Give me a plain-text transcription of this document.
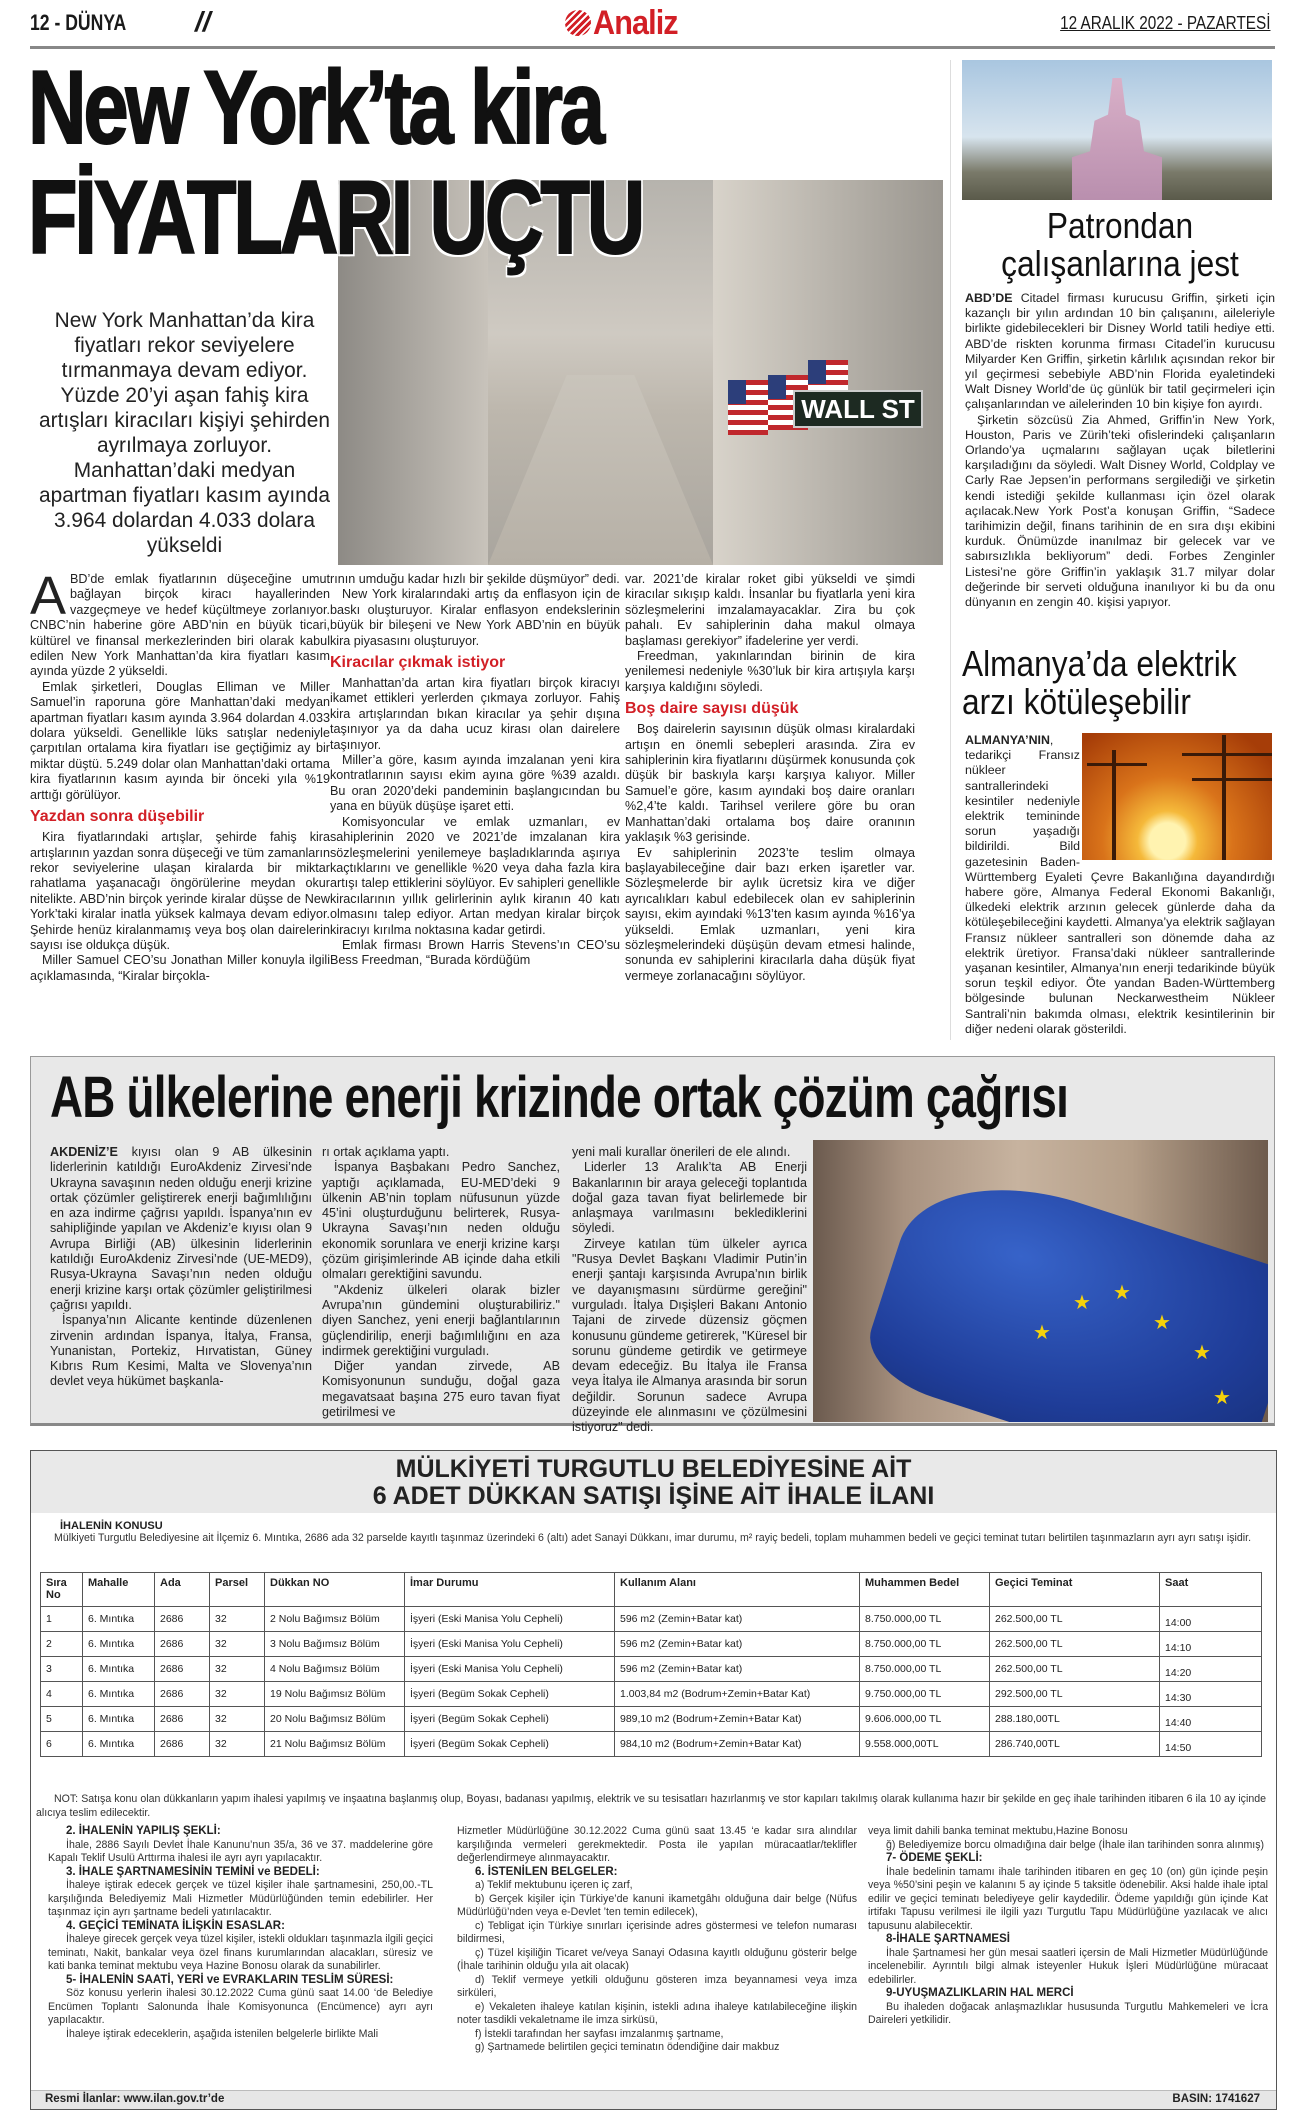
12 - DÜNYA //	Analiz	12 ARALIK 2022 - PAZARTESİ
New York’ta kira
FİYATLARI UÇTU
WALL ST
New York Manhattan’da kira fiyatları rekor seviyelere tırmanmaya devam ediyor. Yüzde 20’yi aşan fahiş kira artışları kiracıları kişiyi şehirden ayrılmaya zorluyor. Manhattan’daki medyan apartman fiyatları kasım ayında 3.964 dolardan 4.033 dolara yükseldi
A BD’de emlak fiyatlarının düşeceğine umut bağlayan birçok kiracı hayallerinden vazgeçmeye ve hedef küçültmeye zorlanıyor. CNBC’nin haberine göre ABD’nin en büyük ticari, kültürel ve finansal merkezlerinden biri olarak kabul edilen New York Manhattan’da kira fiyatları kasım ayında yüzde 2 yükseldi.

Emlak şirketleri, Douglas Elliman ve Miller Samuel’in raporuna göre Manhattan’daki medyan apartman fiyatları kasım ayında 3.964 dolardan 4.033 dolara yükseldi. Genellikle lüks satışlar nedeniyle çarpıtılan ortalama kira fiyatları ise geçtiğimiz ay bir miktar düştü. 5.249 dolar olan Manhattan’daki ortama kira fiyatlarının kasım ayında bir önceki yıla %19 arttığı görülüyor.

Yazdan sonra düşebilir

Kira fiyatlarındaki artışlar, şehirde fahiş kira artışlarının yazdan sonra düşeceği ve tüm zamanların rekor seviyelerine ulaşan kiralarda bir miktar rahatlama yaşanacağı öngörülerine meydan okur nitelikte. ABD’nin birçok yerinde kiralar düşse de New York’taki kiralar inatla yüksek kalmaya devam ediyor. Şehirde henüz kiralanmamış veya boş olan dairelerin sayısı ise oldukça düşük.

Miller Samuel CEO’su Jonathan Miller konuyla ilgili açıklamasında, “Kiralar birçokla-

rının umduğu kadar hızlı bir şekilde düşmüyor” dedi.

New York kiralarındaki artış da enflasyon için de baskı oluşturuyor. Kiralar enflasyon endekslerinin büyük bir bileşeni ve New York ABD’nin en büyük kira piyasasını oluşturuyor.

Kiracılar çıkmak istiyor

Manhattan’da artan kira fiyatları birçok kiracıyı ikamet ettikleri yerlerden çıkmaya zorluyor. Fahiş kira artışlarından bıkan kiracılar ya şehir dışına taşınıyor ya da daha ucuz kirası olan dairelere taşınıyor.

Miller’a göre, kasım ayında imzalanan yeni kira kontratlarının sayısı ekim ayına göre %39 azaldı. Bu oran 2020’deki pandeminin başlangıcından bu yana en büyük düşüşe işaret etti.

Komisyoncular ve emlak uzmanları, ev sahiplerinin 2020 ve 2021’de imzalanan kira sözleşmelerini yenilemeye başladıklarında aşırıya kaçtıklarını ve genellikle %20 veya daha fazla kira artışı talep ettiklerini söylüyor. Ev sahipleri genellikle kiracılarının yıllık gelirlerinin aylık kiranın 40 katı olmasını talep ediyor. Artan medyan kiralar birçok kiracıyı kırılma noktasına kadar getirdi.

Emlak firması Brown Harris Stevens’ın CEO’su Bess Freedman, “Burada kördüğüm

var. 2021’de kiralar roket gibi yükseldi ve şimdi kiracılar sıkışıp kaldı. İnsanlar bu fiyatlarla yeni kira sözleşmelerini imzalamayacaklar. Zira bu çok pahalı. Ev sahiplerinin daha makul olmaya başlaması gerekiyor” ifadelerine yer verdi.

Freedman, yakınlarından birinin de kira yenilemesi nedeniyle %30’luk bir kira artışıyla karşı karşıya kaldığını söyledi.

Boş daire sayısı düşük

Boş dairelerin sayısının düşük olması kiralardaki artışın en önemli sebepleri arasında. Zira ev sahiplerinin kira fiyatlarını düşürmek konusunda çok düşük bir baskıyla karşı karşıya kalıyor. Miller Samuel’e göre, kasım ayındaki boş daire oranları %2,4’te kaldı. Tarihsel verilere göre bu oran Manhattan’daki ortalama boş daire oranının yaklaşık %3 gerisinde.

Ev sahiplerinin 2023’te teslim olmaya başlayabileceğine dair bazı erken işaretler var. Sözleşmelerde bir aylık ücretsiz kira ve diğer ayrıcalıkları kabul edebilecek olan ev sahiplerinin sayısı, ekim ayındaki %13’ten kasım ayında %16’ya yükseldi. Emlak uzmanları, yeni kira sözleşmelerindeki düşüşün devam etmesi halinde, sonunda ev sahiplerini kiracılarla daha düşük fiyat vermeye zorlanacağını söylüyor.

Patrondan
çalışanlarına jest

ABD’DE Citadel firması kurucusu Griffin, şirketi için kazançlı bir yılın ardından 10 bin çalışanını, aileleriyle birlikte gidebilecekleri bir Disney World tatili hediye etti. ABD’de riskten korunma firması Citadel’in kurucusu Milyarder Ken Griffin, şirketin kârlılık açısından rekor bir yıl geçirmesi sebebiyle ABD’nin Florida eyaletindeki Walt Disney World’de üç günlük bir tatil geçirmeleri için çalışanlarından ve ailelerinden 10 bin kişiye fon ayırdı.

Şirketin sözcüsü Zia Ahmed, Griffin’in New York, Houston, Paris ve Zürih’teki ofislerindeki çalışanların Orlando’ya uçmalarını sağlayan uçak biletlerini karşıladığını da söyledi. Walt Disney World, Coldplay ve Carly Rae Jepsen’in performans sergilediği ve şirketin kendi istediği şekilde kullanması için özel olarak açılacak.New York Post’a konuşan Griffin, “Sadece tarihimizin değil, finans tarihinin de en sıra dışı ekibini kurduk. Önümüzde inanılmaz bir gelecek var ve sabırsızlıkla bekliyorum” dedi. Forbes Zenginler Listesi’ne göre Griffin’in yaklaşık 31.7 milyar dolar değerinde bir serveti olduğuna inanılıyor ki bu da onu dünyanın en zengin 40. kişisi yapıyor.

Almanya’da elektrik
arzı kötüleşebilir

ALMANYA’NIN, tedarikçi Fransız nükleer santrallerindeki kesintiler nedeniyle elektrik temininde sorun yaşadığı bildirildi. Bild gazetesinin Baden-Württemberg Eyaleti Çevre Bakanlığına dayandırdığı habere göre, Almanya Federal Ekonomi Bakanlığı, ülkedeki elektrik arzının gelecek günlerde daha da kötüleşebileceğini kaydetti. Almanya’ya elektrik sağlayan Fransız nükleer santralleri son dönemde daha az elektrik üretiyor. Fransa’daki nükleer santrallerinde yaşanan kesintiler, Almanya’nın enerji tedarikinde büyük sorun teşkil ediyor. Öte yandan Baden-Württemberg bölgesinde bulunan Neckarwestheim Nükleer Santrali’nin bakımda olması, elektrik kesintilerinin bir diğer nedeni olarak gösterildi.

AB ülkelerine enerji krizinde ortak çözüm çağrısı
★
★ ★
★
★
★

AKDENİZ’E kıyısı olan 9 AB ülkesinin liderlerinin katıldığı EuroAkdeniz Zirvesi’nde Ukrayna savaşının neden olduğu enerji krizine ortak çözümler geliştirerek enerji bağımlılığını en aza indirme çağrısı yapıldı. İspanya’nın ev sahipliğinde yapılan ve Akdeniz’e kıyısı olan 9 Avrupa Birliği (AB) ülkesinin liderlerinin katıldığı EuroAkdeniz Zirvesi’nde (UE-MED9), Rusya-Ukrayna Savaşı’nın neden olduğu enerji krizine karşı ortak çözümler geliştirilmesi çağrısı yapıldı.

İspanya’nın Alicante kentinde düzenlenen zirvenin ardından İspanya, İtalya, Fransa, Yunanistan, Portekiz, Hırvatistan, Güney Kıbrıs Rum Kesimi, Malta ve Slovenya’nın devlet veya hükümet başkanla-

rı ortak açıklama yaptı.

İspanya Başbakanı Pedro Sanchez, yaptığı açıklamada, EU-MED’deki 9 ülkenin AB’nin toplam nüfusunun yüzde 45’ini oluşturduğunu belirterek, Rusya-Ukrayna Savaşı’nın neden olduğu ekonomik sorunlara ve enerji krizine karşı çözüm girişimlerinde AB içinde daha etkili olmaları gerektiğini savundu.

"Akdeniz ülkeleri olarak bizler Avrupa’nın gündemini oluşturabiliriz." diyen Sanchez, yeni enerji bağlantılarının güçlendirilip, enerji bağımlılığını en aza indirmek gerektiğini vurguladı.

Diğer yandan zirvede, AB Komisyonunun sunduğu, doğal gaza megavatsaat başına 275 euro tavan fiyat getirilmesi ve

yeni mali kurallar önerileri de ele alındı.

Liderler 13 Aralık’ta AB Enerji Bakanlarının bir araya geleceği toplantıda doğal gaza tavan fiyat belirlemede bir anlaşmaya varılmasını beklediklerini söyledi.

Zirveye katılan tüm ülkeler ayrıca "Rusya Devlet Başkanı Vladimir Putin’in enerji şantajı karşısında Avrupa’nın birlik ve dayanışmasını sürdürme gereğini" vurguladı. İtalya Dışişleri Bakanı Antonio Tajani de zirvede düzensiz göçmen konusunu gündeme getirerek, "Küresel bir sorunu gündeme getirdik ve getirmeye devam edeceğiz. Bu İtalya ile Fransa veya İtalya ile Almanya arasında bir sorun değildir. Sorunun sadece Avrupa düzeyinde ele alınmasını ve çözülmesini istiyoruz" dedi.

MÜLKİYETİ TURGUTLU BELEDİYESİNE AİT
6 ADET DÜKKAN SATIŞI İŞİNE AİT İHALE İLANI
İHALENİN KONUSU

Mülkiyeti Turgutlu Belediyesine ait İlçemiz 6. Mıntıka, 2686 ada 32 parselde kayıtlı taşınmaz üzerindeki 6 (altı) adet Sanayi Dükkanı, imar durumu, m² rayiç bedeli, toplam muhammen bedeli ve geçici teminat tutarı belirtilen taşınmazların ayrı ayrı satışı işidir.

Sıra No	Mahalle	Ada	Parsel	Dükkan NO	İmar Durumu	Kullanım Alanı	Muhammen Bedel	Geçici Teminat	Saat
1	6. Mıntıka	2686	32	2 Nolu Bağımsız Bölüm	İşyeri (Eski Manisa Yolu Cepheli)	596 m2 (Zemin+Batar kat)	8.750.000,00 TL	262.500,00 TL	14:00
2	6. Mıntıka	2686	32	3 Nolu Bağımsız Bölüm	İşyeri (Eski Manisa Yolu Cepheli)	596 m2 (Zemin+Batar kat)	8.750.000,00 TL	262.500,00 TL	14:10
3	6. Mıntıka	2686	32	4 Nolu Bağımsız Bölüm	İşyeri (Eski Manisa Yolu Cepheli)	596 m2 (Zemin+Batar kat)	8.750.000,00 TL	262.500,00 TL	14:20
4	6. Mıntıka	2686	32	19 Nolu Bağımsız Bölüm	İşyeri (Begüm Sokak Cepheli)	1.003,84 m2 (Bodrum+Zemin+Batar Kat)	9.750.000,00 TL	292.500,00 TL	14:30
5	6. Mıntıka	2686	32	20 Nolu Bağımsız Bölüm	İşyeri (Begüm Sokak Cepheli)	989,10 m2 (Bodrum+Zemin+Batar Kat)	9.606.000,00 TL	288.180,00TL	14:40
6	6. Mıntıka	2686	32	21 Nolu Bağımsız Bölüm	İşyeri (Begüm Sokak Cepheli)	984,10 m2 (Bodrum+Zemin+Batar Kat)	9.558.000,00TL	286.740,00TL	14:50

NOT: Satışa konu olan dükkanların yapım ihalesi yapılmış ve inşaatına başlanmış olup, Boyası, badanası yapılmış, elektrik ve su tesisatları hazırlanmış ve stor kapıları takılmış olarak kullanıma hazır bir şekilde en geç ihale tarihinden itibaren 6 ila 10 ay içinde alıcıya teslim edilecektir.

2. İHALENİN YAPILIŞ ŞEKLİ:

İhale, 2886 Sayılı Devlet İhale Kanunu’nun 35/a, 36 ve 37. maddelerine göre Kapalı Teklif Usulü Arttırma ihalesi ile ayrı ayrı yapılacaktır.

3. İHALE ŞARTNAMESİNİN TEMİNİ ve BEDELİ:

İhaleye iştirak edecek gerçek ve tüzel kişiler ihale şartnamesini, 250,00.-TL karşılığında Belediyemiz Mali Hizmetler Müdürlüğünden temin edebilirler. Her taşınmaz için ayrı şartname bedeli yatırılacaktır.

4. GEÇİCİ TEMİNATA İLİŞKİN ESASLAR:

İhaleye girecek gerçek veya tüzel kişiler, istekli oldukları taşınmazla ilgili geçici teminatı, Nakit, bankalar veya özel finans kurumlarından alacakları, süresiz ve kati banka teminat mektubu veya Hazine Bonosu olarak da sunabilirler.

5- İHALENİN SAATİ, YERİ ve EVRAKLARIN TESLİM SÜRESİ:

Söz konusu yerlerin ihalesi 30.12.2022 Cuma günü saat 14.00 ‘de Belediye Encümen Toplantı Salonunda İhale Komisyonunca (Encümence) ayrı ayrı yapılacaktır.

İhaleye iştirak edeceklerin, aşağıda istenilen belgelerle birlikte Mali

Hizmetler Müdürlüğüne 30.12.2022 Cuma günü saat 13.45 ‘e kadar sıra alındılar karşılığında vermeleri gerekmektedir. Posta ile yapılan müracaatlar/teklifler değerlendirmeye alınmayacaktır.

6. İSTENİLEN BELGELER:

a) Teklif mektubunu içeren iç zarf,

b) Gerçek kişiler için Türkiye’de kanuni ikametgâhı olduğuna dair belge (Nüfus Müdürlüğü’nden veya e-Devlet ’ten temin edilecek),

c) Tebligat için Türkiye sınırları içerisinde adres göstermesi ve telefon numarası bildirmesi,

ç) Tüzel kişiliğin Ticaret ve/veya Sanayi Odasına kayıtlı olduğunu gösterir belge (İhale tarihinin olduğu yıla ait olacak)

d) Teklif vermeye yetkili olduğunu gösteren imza beyannamesi veya imza sirküleri,

e) Vekaleten ihaleye katılan kişinin, istekli adına ihaleye katılabileceğine ilişkin noter tasdikli vekaletname ile imza sirküsü,

f) İstekli tarafından her sayfası imzalanmış şartname,

g) Şartnamede belirtilen geçici teminatın ödendiğine dair makbuz

veya limit dahili banka teminat mektubu,Hazine Bonosu

ğ) Belediyemize borcu olmadığına dair belge (İhale ilan tarihinden sonra alınmış)

7- ÖDEME ŞEKLİ:

İhale bedelinin tamamı ihale tarihinden itibaren en geç 10 (on) gün içinde peşin veya %50’sini peşin ve kalanını 5 ay içinde 5 taksitle ödenebilir. Aksi halde ihale iptal edilir ve geçici teminatı belediyeye gelir kaydedilir. Ödeme yapıldığı gün içinde Kat irtifakı Tapusu verilmesi ile ilgili yazı Turgutlu Tapu Müdürlüğüne yazılacak ve alıcı tapusunu alabilecektir.

8-İHALE ŞARTNAMESİ

İhale Şartnamesi her gün mesai saatleri içersin de Mali Hizmetler Müdürlüğünde incelenebilir. Ayrıntılı bilgi almak isteyenler Hukuk İşleri Müdürlüğüne müracaat edebilirler.

9-UYUŞMAZLIKLARIN HAL MERCİ

Bu ihaleden doğacak anlaşmazlıklar hususunda Turgutlu Mahkemeleri ve İcra Daireleri yetkilidir.

Resmi İlanlar: www.ilan.gov.tr’de	BASIN: 1741627
